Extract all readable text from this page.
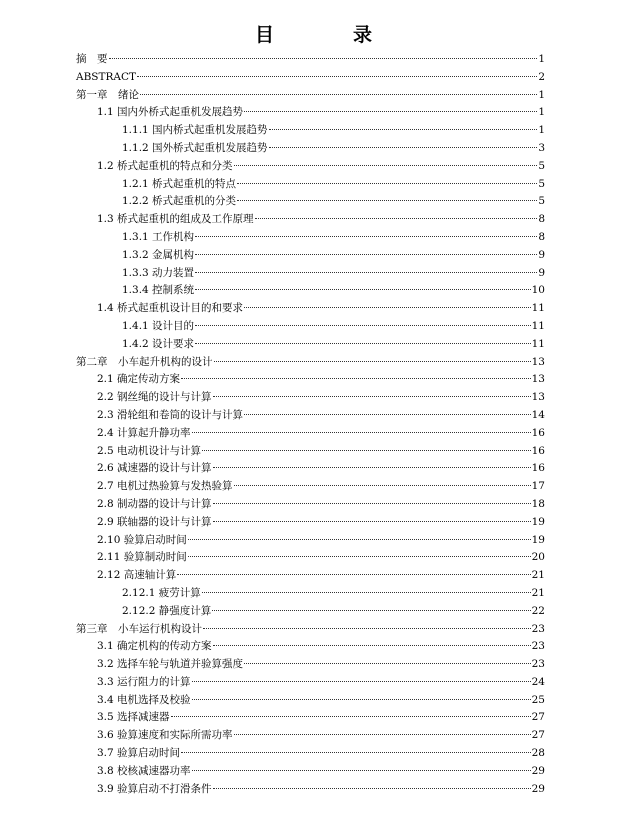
目　录
摘　要	1
ABSTRACT	2
第一章　绪论	1
1.1 国内外桥式起重机发展趋势	1
1.1.1 国内桥式起重机发展趋势	1
1.1.2 国外桥式起重机发展趋势	3
1.2 桥式起重机的特点和分类	5
1.2.1 桥式起重机的特点	5
1.2.2 桥式起重机的分类	5
1.3 桥式起重机的组成及工作原理	8
1.3.1 工作机构	8
1.3.2 金属机构	9
1.3.3 动力装置	9
1.3.4 控制系统	10
1.4 桥式起重机设计目的和要求	11
1.4.1 设计目的	11
1.4.2 设计要求	11
第二章　小车起升机构的设计	13
2.1 确定传动方案	13
2.2 钢丝绳的设计与计算	13
2.3 滑轮组和卷筒的设计与计算	14
2.4 计算起升静功率	16
2.5 电动机设计与计算	16
2.6 减速器的设计与计算	16
2.7 电机过热验算与发热验算	17
2.8 制动器的设计与计算	18
2.9 联轴器的设计与计算	19
2.10 验算启动时间	19
2.11 验算制动时间	20
2.12 高速轴计算	21
2.12.1 疲劳计算	21
2.12.2 静强度计算	22
第三章　小车运行机构设计	23
3.1 确定机构的传动方案	23
3.2 选择车轮与轨道并验算强度	23
3.3 运行阻力的计算	24
3.4 电机选择及校验	25
3.5 选择减速器	27
3.6 验算速度和实际所需功率	27
3.7 验算启动时间	28
3.8 校核减速器功率	29
3.9 验算启动不打滑条件	29
